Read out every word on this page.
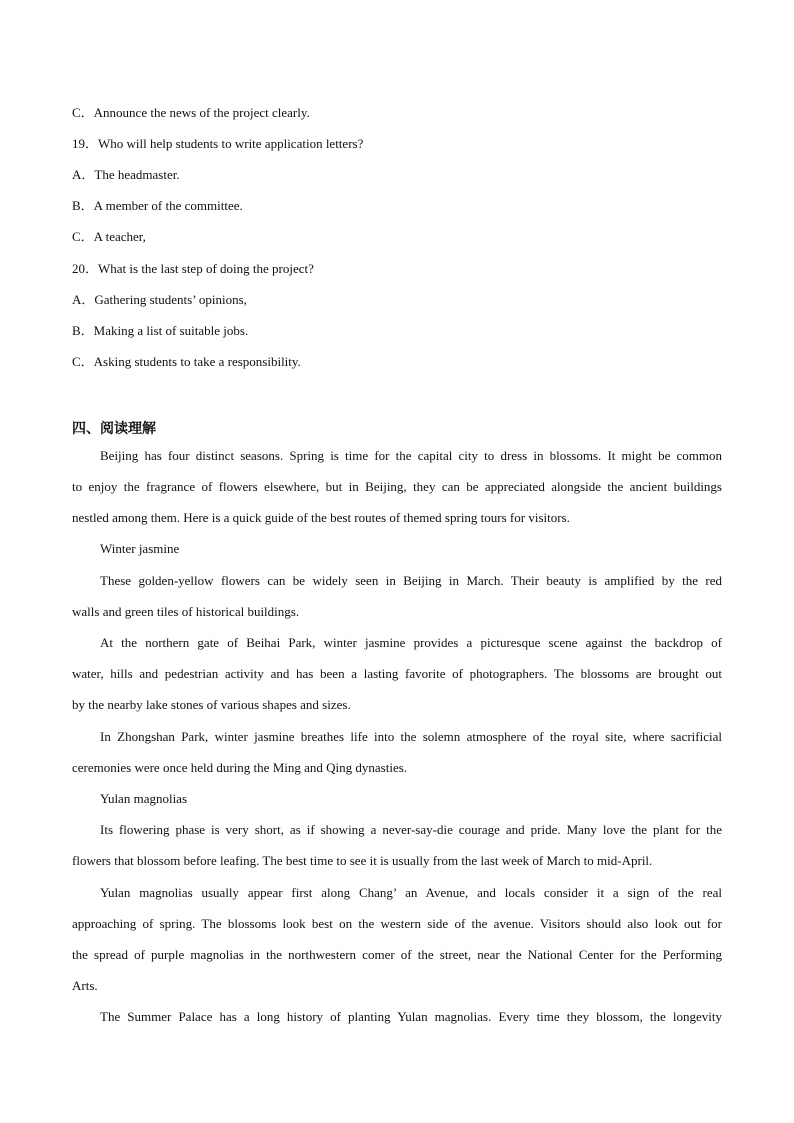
C．Announce the news of the project clearly.
19．Who will help students to write application letters?
A．The headmaster.
B．A member of the committee.
C．A teacher,
20．What is the last step of doing the project?
A．Gathering students’ opinions,
B．Making a list of suitable jobs.
C．Asking students to take a responsibility.
四、阅读理解
Beijing has four distinct seasons. Spring is time for the capital city to dress in blossoms. It might be common
to enjoy the fragrance of flowers elsewhere, but in Beijing, they can be appreciated alongside the ancient buildings
nestled among them. Here is a quick guide of the best routes of themed spring tours for visitors.
Winter jasmine
These golden-yellow flowers can be widely seen in Beijing in March. Their beauty is amplified by the red
walls and green tiles of historical buildings.
At the northern gate of Beihai Park, winter jasmine provides a picturesque scene against the backdrop of
water, hills and pedestrian activity and has been a lasting favorite of photographers. The blossoms are brought out
by the nearby lake stones of various shapes and sizes.
In Zhongshan Park, winter jasmine breathes life into the solemn atmosphere of the royal site, where sacrificial
ceremonies were once held during the Ming and Qing dynasties.
Yulan magnolias
Its flowering phase is very short, as if showing a never-say-die courage and pride. Many love the plant for the
flowers that blossom before leafing. The best time to see it is usually from the last week of March to mid-April.
Yulan magnolias usually appear first along Chang’ an Avenue, and locals consider it a sign of the real
approaching of spring. The blossoms look best on the western side of the avenue. Visitors should also look out for
the spread of purple magnolias in the northwestern comer of the street, near the National Center for the Performing
Arts.
The Summer Palace has a long history of planting Yulan magnolias. Every time they blossom, the longevity
